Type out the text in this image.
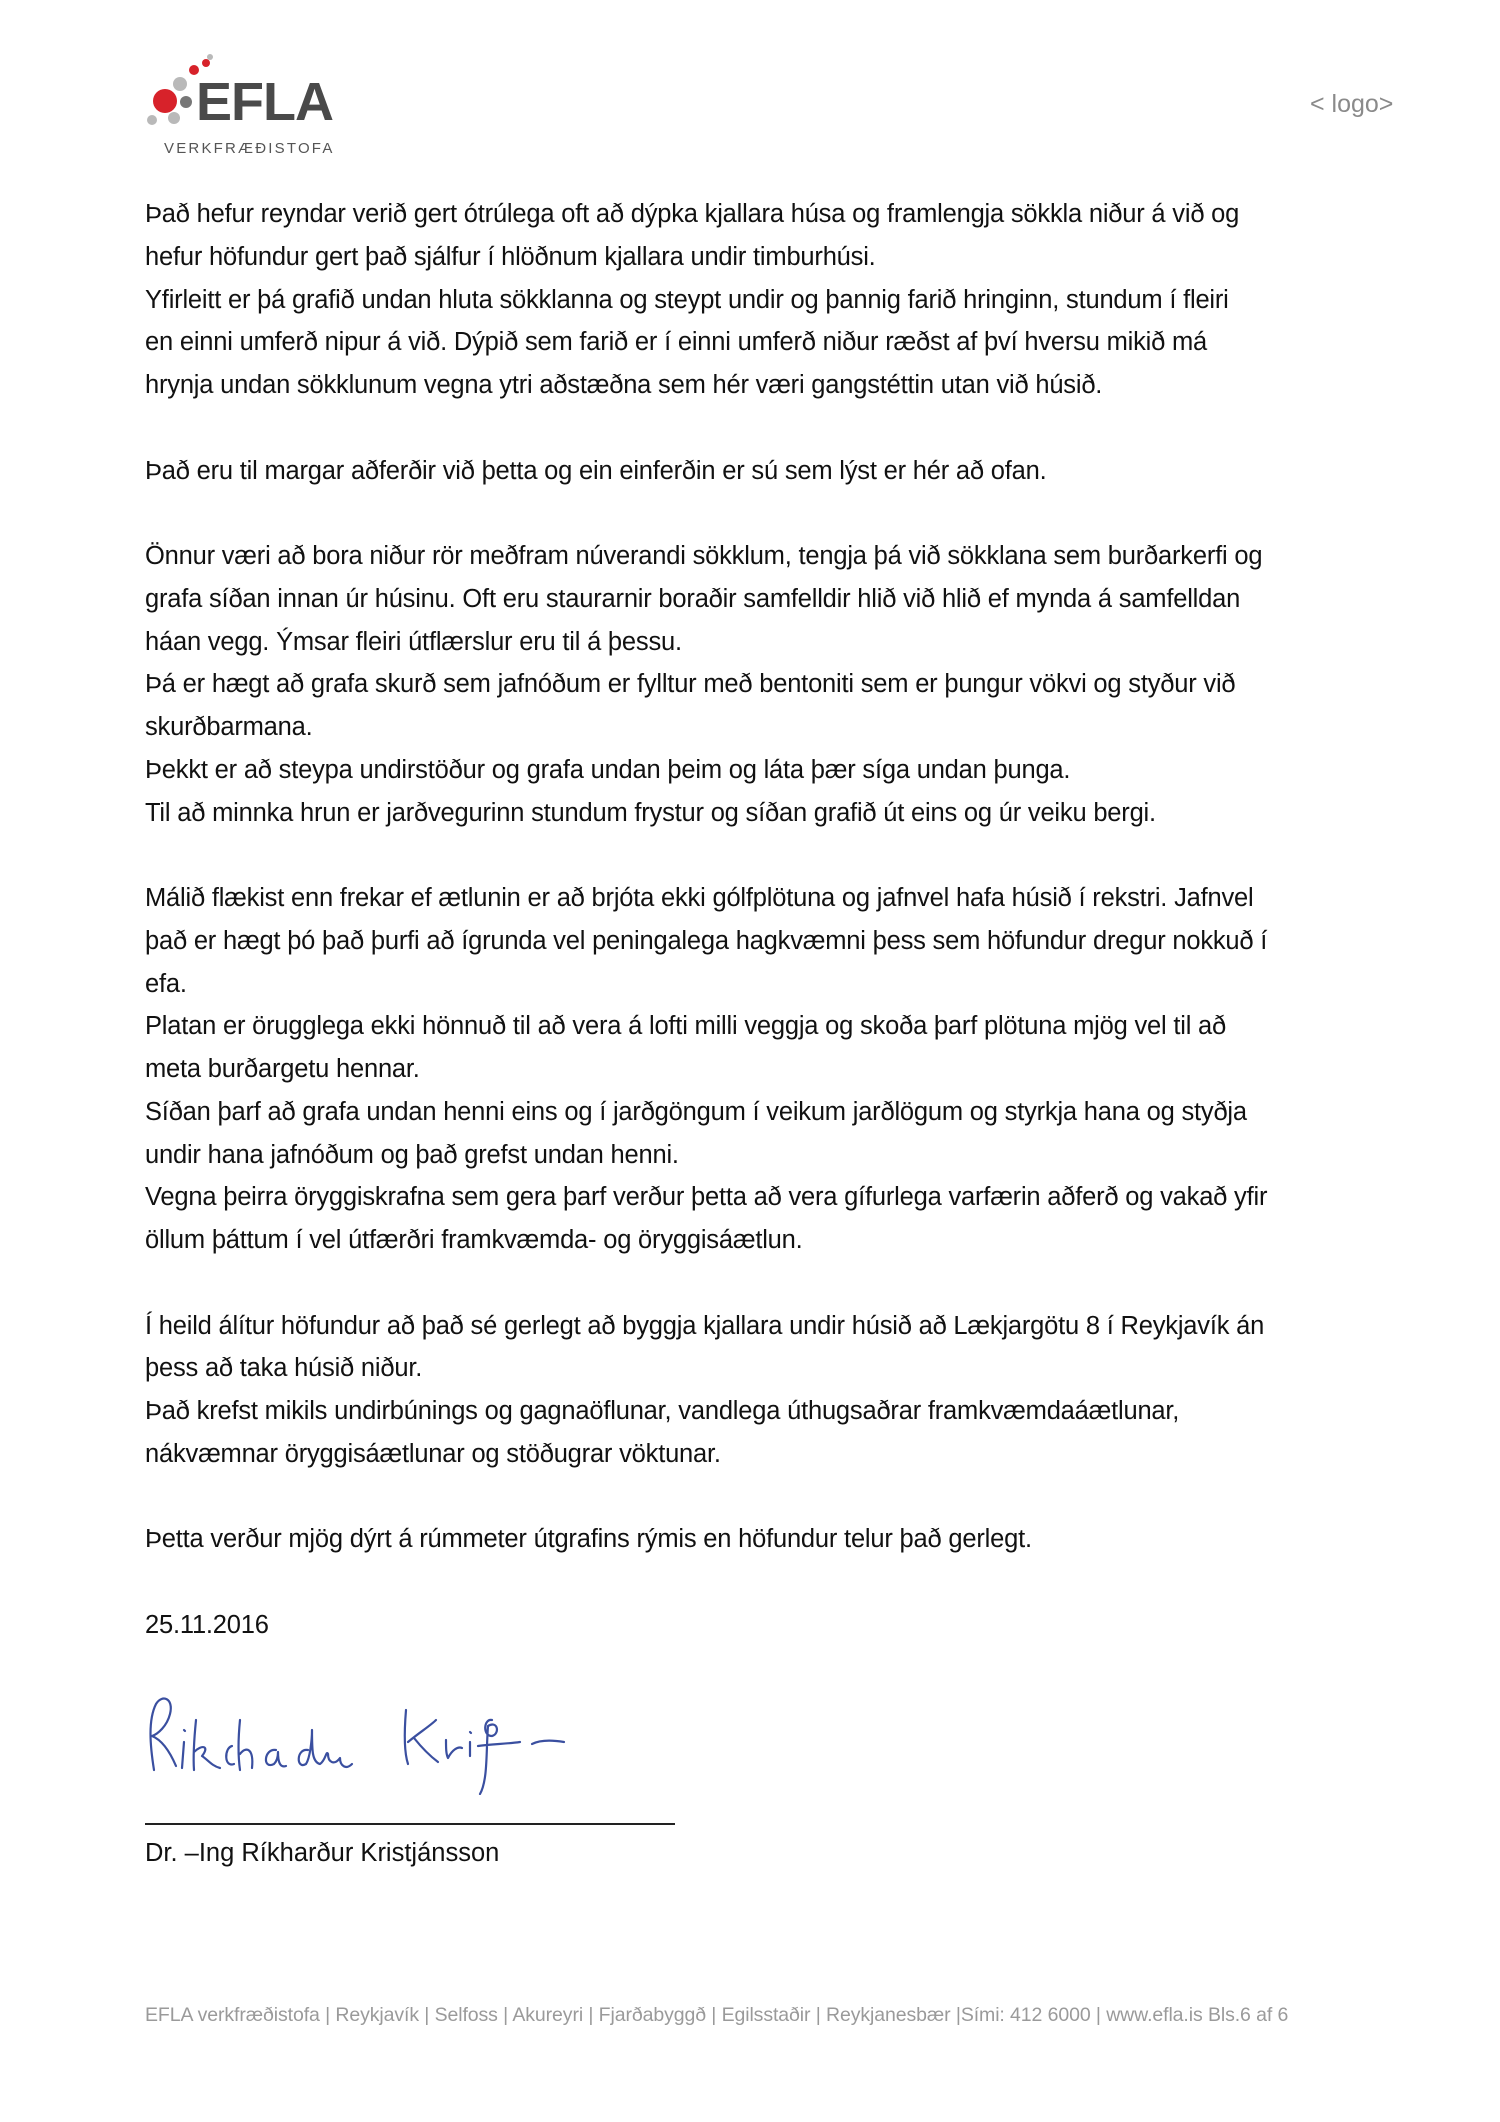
EFLA
VERKFRÆÐISTOFA
< logo>
Það hefur reyndar verið gert ótrúlega oft að dýpka kjallara húsa og framlengja sökkla niður á við og
hefur höfundur gert það sjálfur í hlöðnum kjallara undir timburhúsi.
Yfirleitt er þá grafið undan hluta sökklanna og steypt undir og þannig farið hringinn, stundum í fleiri
en einni umferð nipur á við. Dýpið sem farið er í einni umferð niður ræðst af því hversu mikið má
hrynja undan sökklunum vegna ytri aðstæðna sem hér væri gangstéttin utan við húsið.
Það eru til margar aðferðir við þetta og ein einferðin er sú sem lýst er hér að ofan.
Önnur væri að bora niður rör meðfram núverandi sökklum, tengja þá við sökklana sem burðarkerfi og
grafa síðan innan úr húsinu. Oft eru staurarnir boraðir samfelldir hlið við hlið ef mynda á samfelldan
háan vegg. Ýmsar fleiri útflærslur eru til á þessu.
Þá er hægt að grafa skurð sem jafnóðum er fylltur með bentoniti sem er þungur vökvi og styður við
skurðbarmana.
Þekkt er að steypa undirstöður og grafa undan þeim og láta þær síga undan þunga.
Til að minnka hrun er jarðvegurinn stundum frystur og síðan grafið út eins og úr veiku bergi.
Málið flækist enn frekar ef ætlunin er að brjóta ekki gólfplötuna og jafnvel hafa húsið í rekstri. Jafnvel
það er hægt þó það þurfi að ígrunda vel peningalega hagkvæmni þess sem höfundur dregur nokkuð í
efa.
Platan er örugglega ekki hönnuð til að vera á lofti milli veggja og skoða þarf plötuna mjög vel til að
meta burðargetu hennar.
Síðan þarf að grafa undan henni eins og í jarðgöngum í veikum jarðlögum og styrkja hana og styðja
undir hana jafnóðum og það grefst undan henni.
Vegna þeirra öryggiskrafna sem gera þarf verður þetta að vera gífurlega varfærin aðferð og vakað yfir
öllum þáttum í vel útfærðri framkvæmda- og öryggisáætlun.
Í heild álítur höfundur að það sé gerlegt að byggja kjallara undir húsið að Lækjargötu 8 í Reykjavík án
þess að taka húsið niður.
Það krefst mikils undirbúnings og gagnaöflunar, vandlega úthugsaðrar framkvæmdaáætlunar,
nákvæmnar öryggisáætlunar og stöðugrar vöktunar.
Þetta verður mjög dýrt á rúmmeter útgrafins rýmis en höfundur telur það gerlegt.
25.11.2016
Dr. –Ing Ríkharður Kristjánsson
EFLA verkfræðistofa | Reykjavík | Selfoss | Akureyri | Fjarðabyggð | Egilsstaðir | Reykjanesbær |Sími: 412 6000 | www.efla.is Bls.6 af 6
